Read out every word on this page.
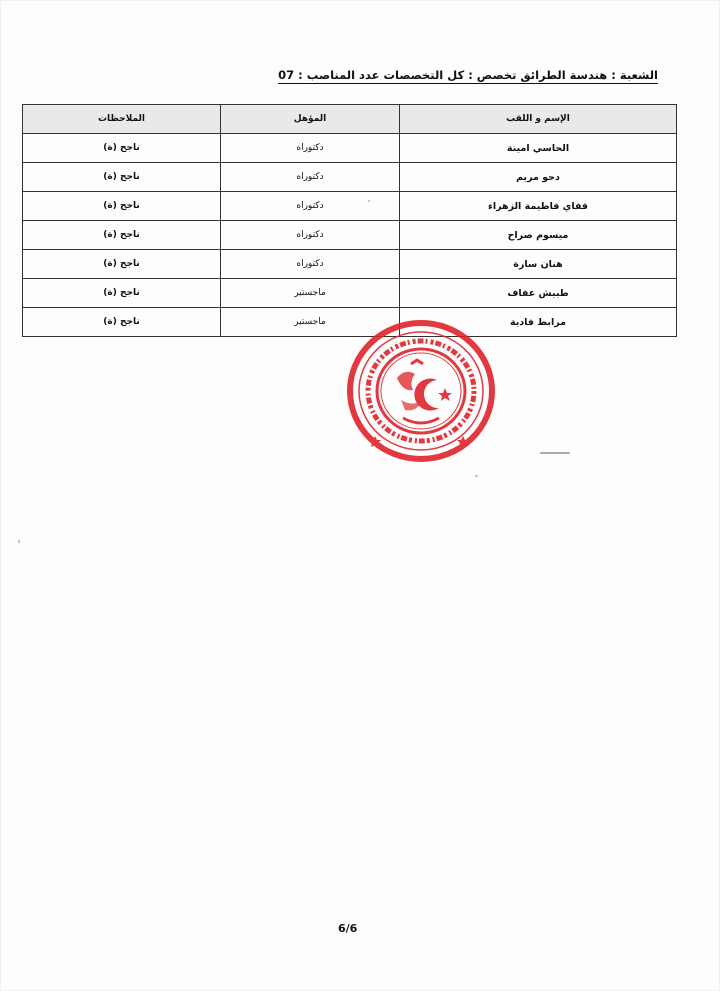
الشعبة : هندسة الطرائق تخصص : كل التخصصات عدد المناصب : 07
الإسم و اللقب	المؤهل	الملاحظات
الحاسي امينة	دكتوراه	ناجح (ة)
دحو مريم	دكتوراه	ناجح (ة)
قفاي فاطيمة الزهراء	دكتوراه	ناجح (ة)
ميسوم صراح	دكتوراه	ناجح (ة)
هنان سارة	دكتوراه	ناجح (ة)
طبيش عفاف	ماجستير	ناجح (ة)
مرابط فادية	ماجستير	ناجح (ة)
6/6
